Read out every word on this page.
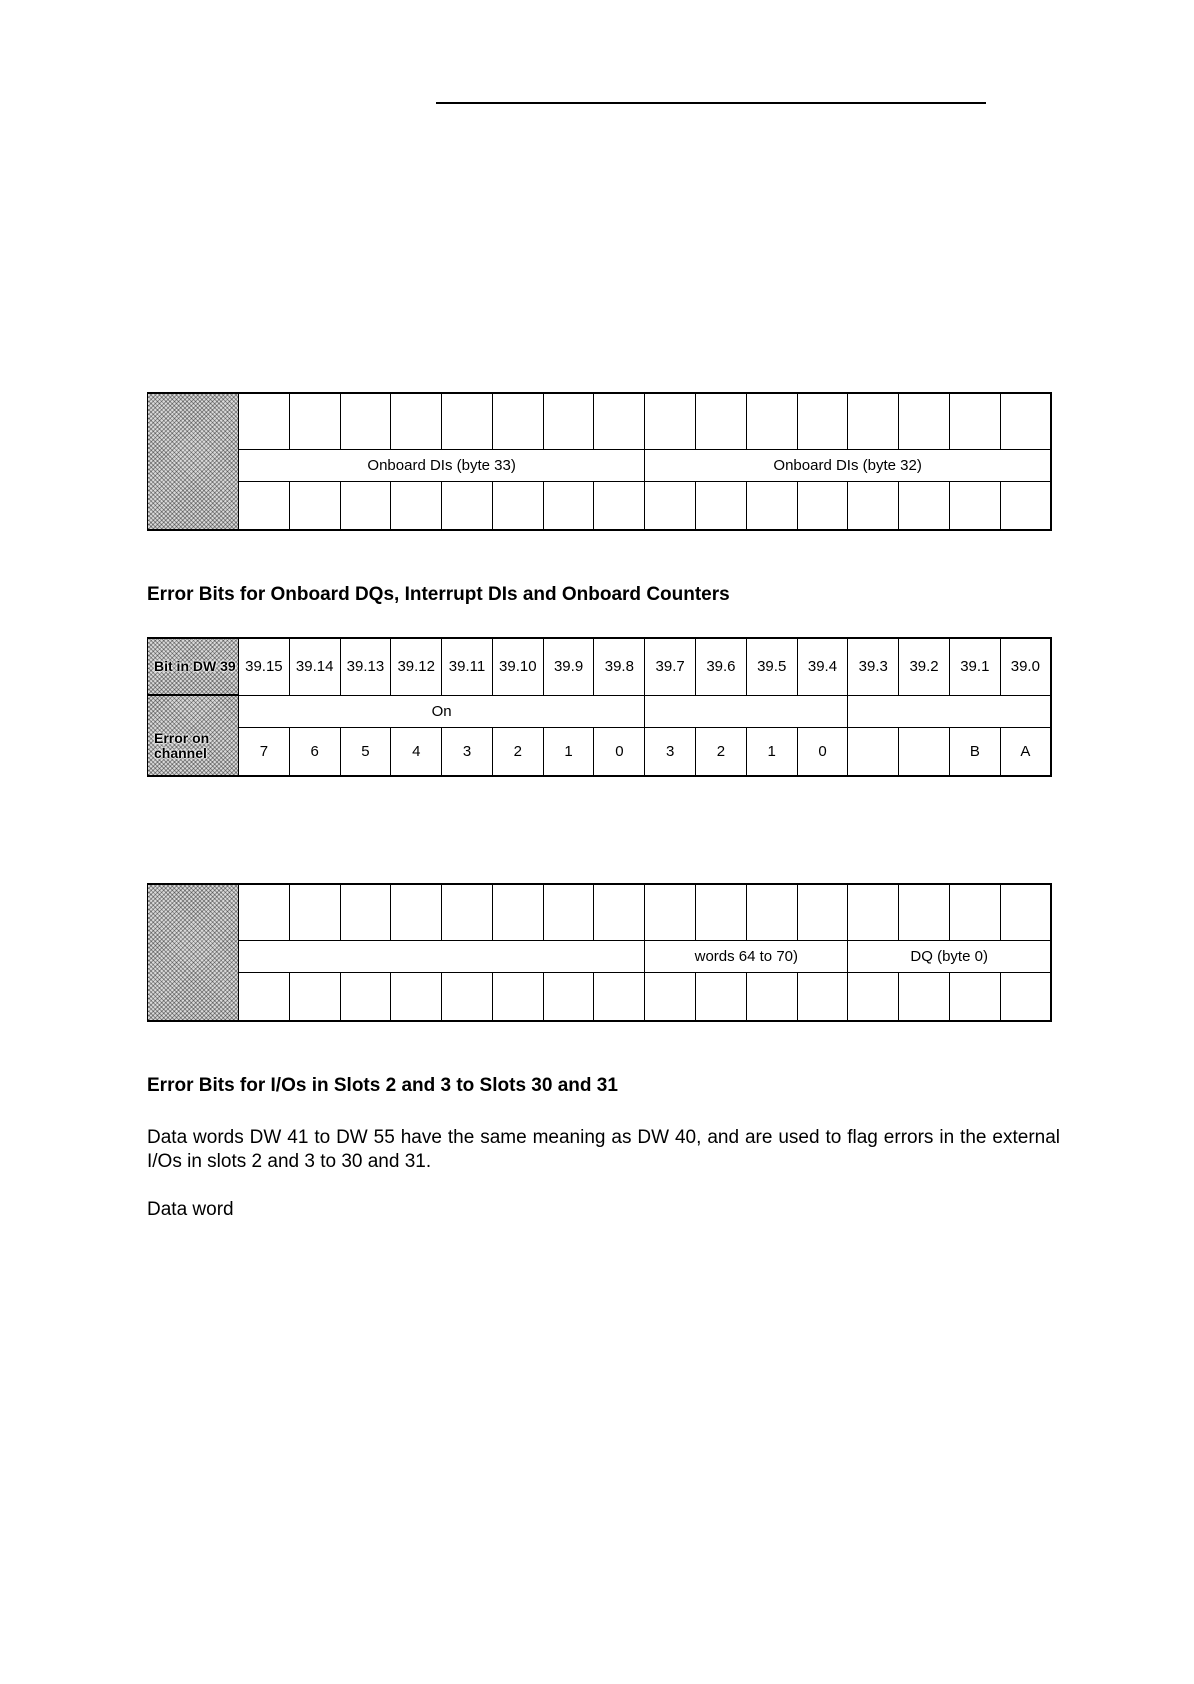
	Onboard DIs (byte 33)								Onboard DIs (byte 32)							

Error Bits for Onboard DQs, Interrupt DIs and Onboard Counters
Bit in DW 39	39.15	39.14	39.13	39.12	39.11	39.10	39.9	39.8	39.7	39.6	39.5	39.4	39.3	39.2	39.1	39.0

Error on channel	On															
	7	6	5	4	3	2	1	0	3	2	1	0			B	A

									words 64 to 70)				DQ (byte 0)			

Error Bits for I/Os in Slots 2 and 3 to Slots 30 and 31

Data words DW 41 to DW 55 have the same meaning as DW 40, and are used to flag errors in the external I/Os in slots 2 and 3 to 30 and 31.

Data word
